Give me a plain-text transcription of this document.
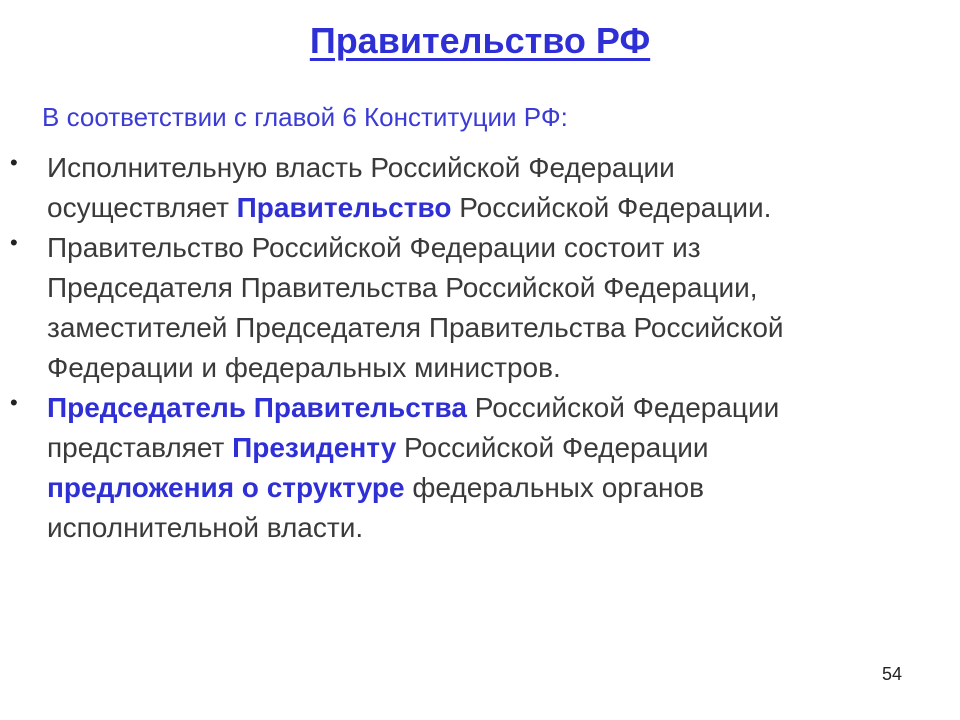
Правительство РФ
В соответствии с главой 6 Конституции РФ:
• Исполнительную власть Российской Федерации
осуществляет Правительство Российской Федерации.
• Правительство Российской Федерации состоит из
Председателя Правительства Российской Федерации,
заместителей Председателя Правительства Российской
Федерации и федеральных министров.
• Председатель Правительства Российской Федерации
представляет Президенту Российской Федерации
предложения о структуре федеральных органов
исполнительной власти.
54
